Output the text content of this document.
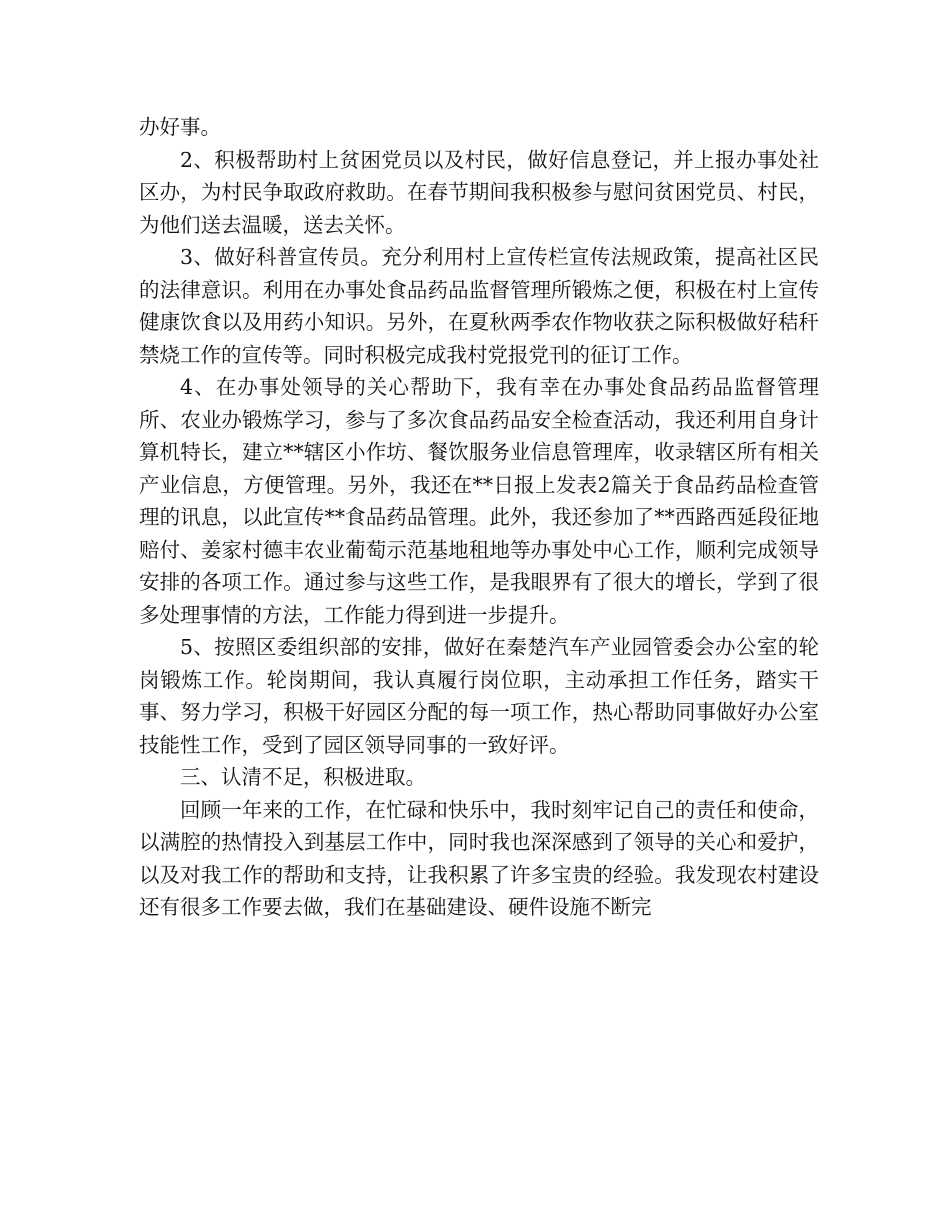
办好事。

2、积极帮助村上贫困党员以及村民，做好信息登记，并上报办事处社区办，为村民争取政府救助。在春节期间我积极参与慰问贫困党员、村民，为他们送去温暖，送去关怀。

3、做好科普宣传员。充分利用村上宣传栏宣传法规政策，提高社区民的法律意识。利用在办事处食品药品监督管理所锻炼之便，积极在村上宣传健康饮食以及用药小知识。另外，在夏秋两季农作物收获之际积极做好秸秆禁烧工作的宣传等。同时积极完成我村党报党刊的征订工作。

4、在办事处领导的关心帮助下，我有幸在办事处食品药品监督管理所、农业办锻炼学习，参与了多次食品药品安全检查活动，我还利用自身计算机特长，建立**辖区小作坊、餐饮服务业信息管理库，收录辖区所有相关产业信息，方便管理。另外，我还在**日报上发表2篇关于食品药品检查管理的讯息，以此宣传**食品药品管理。此外，我还参加了**西路西延段征地赔付、姜家村德丰农业葡萄示范基地租地等办事处中心工作，顺利完成领导安排的各项工作。通过参与这些工作，是我眼界有了很大的增长，学到了很多处理事情的方法，工作能力得到进一步提升。

5、按照区委组织部的安排，做好在秦楚汽车产业园管委会办公室的轮岗锻炼工作。轮岗期间，我认真履行岗位职，主动承担工作任务，踏实干事、努力学习，积极干好园区分配的每一项工作，热心帮助同事做好办公室技能性工作，受到了园区领导同事的一致好评。

三、认清不足，积极进取。

回顾一年来的工作，在忙碌和快乐中，我时刻牢记自己的责任和使命，以满腔的热情投入到基层工作中，同时我也深深感到了领导的关心和爱护，以及对我工作的帮助和支持，让我积累了许多宝贵的经验。我发现农村建设还有很多工作要去做，我们在基础建设、硬件设施不断完
